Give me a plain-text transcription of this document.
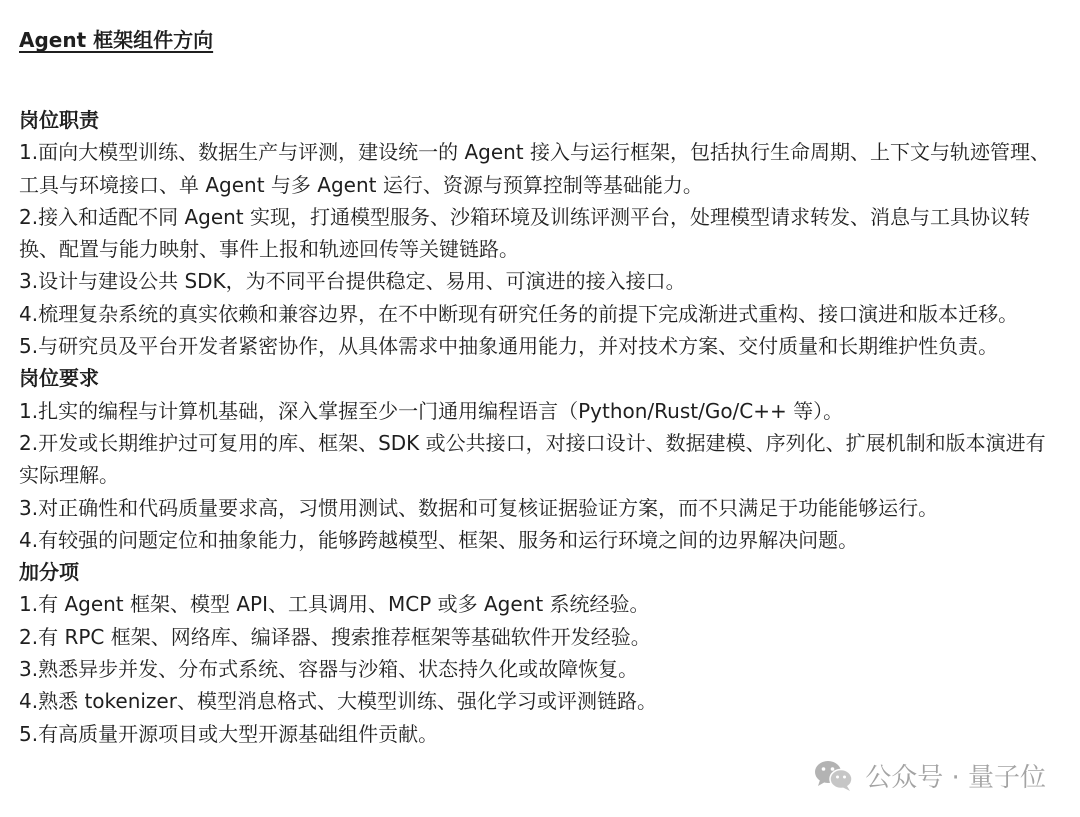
Agent 框架组件方向
岗位职责

1.面向大模型训练、数据生产与评测，建设统一的 Agent 接入与运行框架，包括执行生命周期、上下文与轨迹管理、工具与环境接口、单 Agent 与多 Agent 运行、资源与预算控制等基础能力。

2.接入和适配不同 Agent 实现，打通模型服务、沙箱环境及训练评测平台，处理模型请求转发、消息与工具协议转换、配置与能力映射、事件上报和轨迹回传等关键链路。

3.设计与建设公共 SDK，为不同平台提供稳定、易用、可演进的接入接口。

4.梳理复杂系统的真实依赖和兼容边界，在不中断现有研究任务的前提下完成渐进式重构、接口演进和版本迁移。

5.与研究员及平台开发者紧密协作，从具体需求中抽象通用能力，并对技术方案、交付质量和长期维护性负责。

岗位要求

1.扎实的编程与计算机基础，深入掌握至少一门通用编程语言（Python/Rust/Go/C++ 等）。

2.开发或长期维护过可复用的库、框架、SDK 或公共接口，对接口设计、数据建模、序列化、扩展机制和版本演进有实际理解。

3.对正确性和代码质量要求高，习惯用测试、数据和可复核证据验证方案，而不只满足于功能能够运行。

4.有较强的问题定位和抽象能力，能够跨越模型、框架、服务和运行环境之间的边界解决问题。

加分项

1.有 Agent 框架、模型 API、工具调用、MCP 或多 Agent 系统经验。

2.有 RPC 框架、网络库、编译器、搜索推荐框架等基础软件开发经验。

3.熟悉异步并发、分布式系统、容器与沙箱、状态持久化或故障恢复。

4.熟悉 tokenizer、模型消息格式、大模型训练、强化学习或评测链路。

5.有高质量开源项目或大型开源基础组件贡献。

公众号 · 量子位
